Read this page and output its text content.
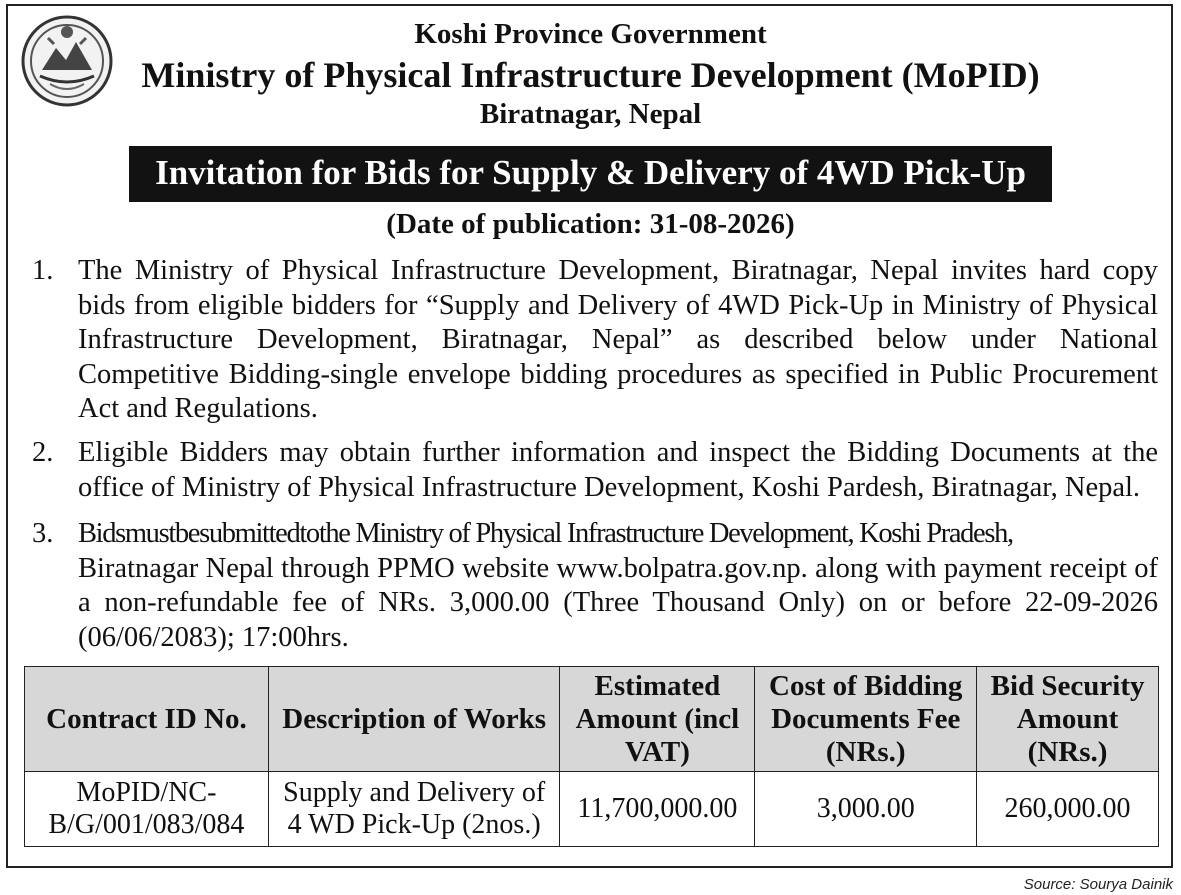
Koshi Province Government
Ministry of Physical Infrastructure Development (MoPID)
Biratnagar, Nepal
Invitation for Bids for Supply & Delivery of 4WD Pick-Up
(Date of publication: 31-08-2026)
1. The Ministry of Physical Infrastructure Development, Biratnagar, Nepal invites hard copy bids from eligible bidders for “Supply and Delivery of 4WD Pick-Up in Ministry of Physical Infrastructure Development, Biratnagar, Nepal” as described below under National Competitive Bidding-single envelope bidding procedures as specified in Public Procurement Act and Regulations.
2. Eligible Bidders may obtain further information and inspect the Bidding Documents at the office of Ministry of Physical Infrastructure Development, Koshi Pardesh, Biratnagar, Nepal.
3. Bidsmustbesubmittedtothe Ministry of Physical Infrastructure Development, Koshi Pradesh,
Biratnagar Nepal through PPMO website www.bolpatra.gov.np. along with payment receipt of a non-refundable fee of NRs. 3,000.00 (Three Thousand Only) on or before 22-09-2026 (06/06/2083); 17:00hrs.
Contract ID No.	Description of Works	Estimated Amount (incl VAT)	Cost of Bidding Documents Fee (NRs.)	Bid Security Amount (NRs.)
MoPID/NC-B/G/001/083/084	Supply and Delivery of 4 WD Pick-Up (2nos.)	11,700,000.00	3,000.00	260,000.00
Source: Sourya Dainik
